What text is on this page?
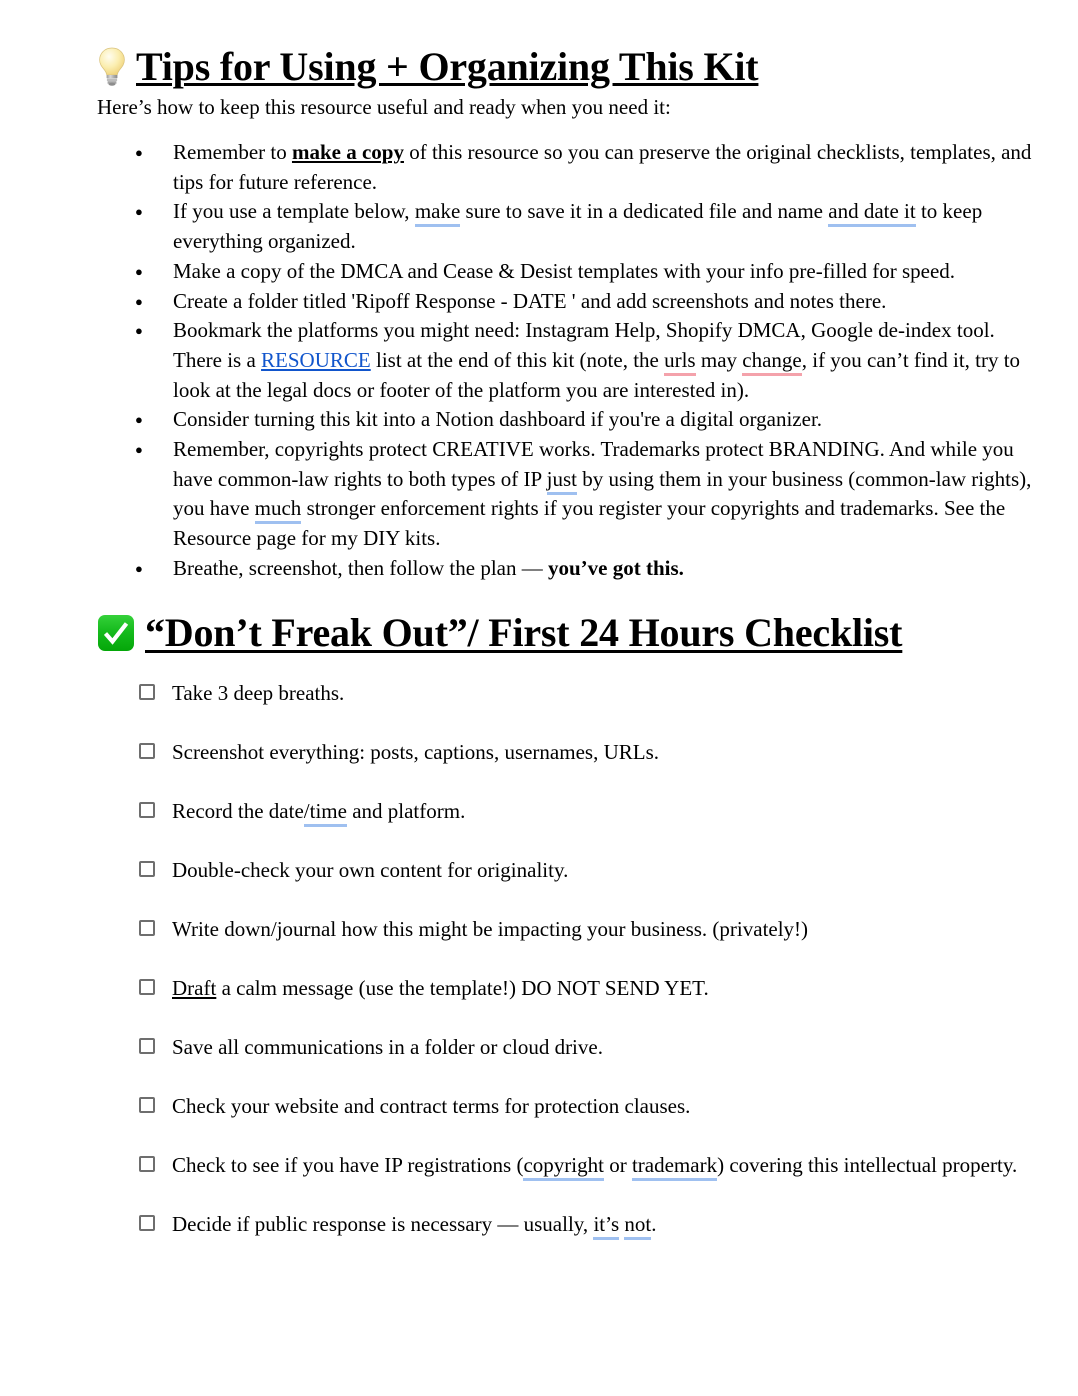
Tips for Using + Organizing This Kit

Here’s how to keep this resource useful and ready when you need it:

● Remember to make a copy of this resource so you can preserve the original checklists, templates, and tips for future reference.
● If you use a template below, make sure to save it in a dedicated file and name and date it to keep everything organized.
● Make a copy of the DMCA and Cease & Desist templates with your info pre-filled for speed.
● Create a folder titled 'Ripoff Response - DATE ' and add screenshots and notes there.
● Bookmark the platforms you might need: Instagram Help, Shopify DMCA, Google de-index tool. There is a RESOURCE list at the end of this kit (note, the urls may change, if you can’t find it, try to look at the legal docs or footer of the platform you are interested in).
● Consider turning this kit into a Notion dashboard if you're a digital organizer.
● Remember, copyrights protect CREATIVE works. Trademarks protect BRANDING. And while you have common-law rights to both types of IP just by using them in your business (common-law rights), you have much stronger enforcement rights if you register your copyrights and trademarks. See the Resource page for my DIY kits.
● Breathe, screenshot, then follow the plan — you’ve got this.
“Don’t Freak Out”/ First 24 Hours Checklist
Take 3 deep breaths.
Screenshot everything: posts, captions, usernames, URLs.
Record the date/time and platform.
Double-check your own content for originality.
Write down/journal how this might be impacting your business. (privately!)
Draft a calm message (use the template!) DO NOT SEND YET.
Save all communications in a folder or cloud drive.
Check your website and contract terms for protection clauses.
Check to see if you have IP registrations (copyright or trademark) covering this intellectual property.
Decide if public response is necessary — usually, it’s not.
